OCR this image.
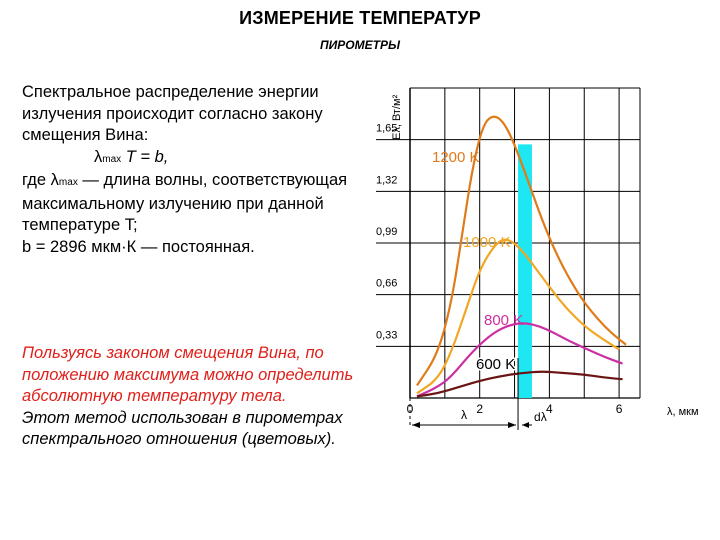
ИЗМЕРЕНИЕ ТЕМПЕРАТУР
ПИРОМЕТРЫ

Спектральное распределение энергии излучения происходит согласно закону смещения Вина:

λmax T = b,

где λmax — длина волны, соответствующая максимальному излучению при данной температуре T;

b = 2896 мкм·К — постоянная.

Пользуясь законом смещения Вина, по положению максимума можно определить абсолютную температуру тела.

Этот метод использован в пирометрах спектрального отношения (цветовых).

0,33
0,66
0,99
1,32
1,65
Eλ, Вт/м²
0	2	4	6	λ, мкм
1200 K
1000 K
800 K
600 K
λ	dλ
